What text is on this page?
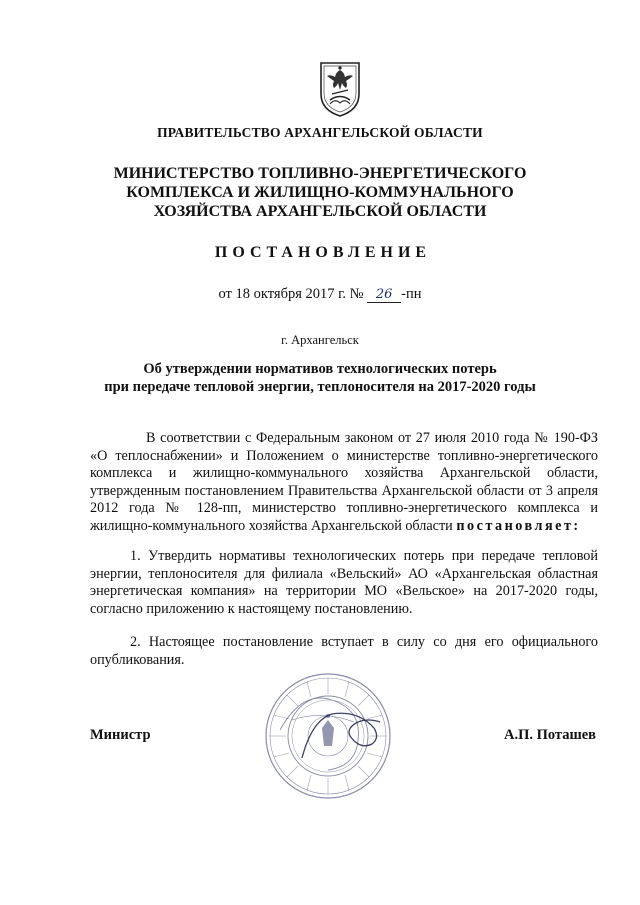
ПРАВИТЕЛЬСТВО АРХАНГЕЛЬСКОЙ ОБЛАСТИ
МИНИСТЕРСТВО ТОПЛИВНО-ЭНЕРГЕТИЧЕСКОГО
КОМПЛЕКСА И ЖИЛИЩНО-КОММУНАЛЬНОГО
ХОЗЯЙСТВА АРХАНГЕЛЬСКОЙ ОБЛАСТИ
ПОСТАНОВЛЕНИЕ
от 18 октября 2017 г. № 26 -пн
г. Архангельск
Об утверждении нормативов технологических потерь
при передаче тепловой энергии, теплоносителя на 2017-2020 годы
В соответствии с Федеральным законом от 27 июля 2010 года № 190-ФЗ «О теплоснабжении» и Положением о министерстве топливно-энергетического комплекса и жилищно-коммунального хозяйства Архангельской области, утвержденным постановлением Правительства Архангельской области от 3 апреля 2012 года № 128-пп, министерство топливно-энергетического комплекса и жилищно-коммунального хозяйства Архангельской области постановляет:
1. Утвердить нормативы технологических потерь при передаче тепловой энергии, теплоносителя для филиала «Вельский» АО «Архангельская областная энергетическая компания» на территории МО «Вельское» на 2017-2020 годы, согласно приложению к настоящему постановлению.
2. Настоящее постановление вступает в силу со дня его официального опубликования.
Министр	А.П. Поташев
